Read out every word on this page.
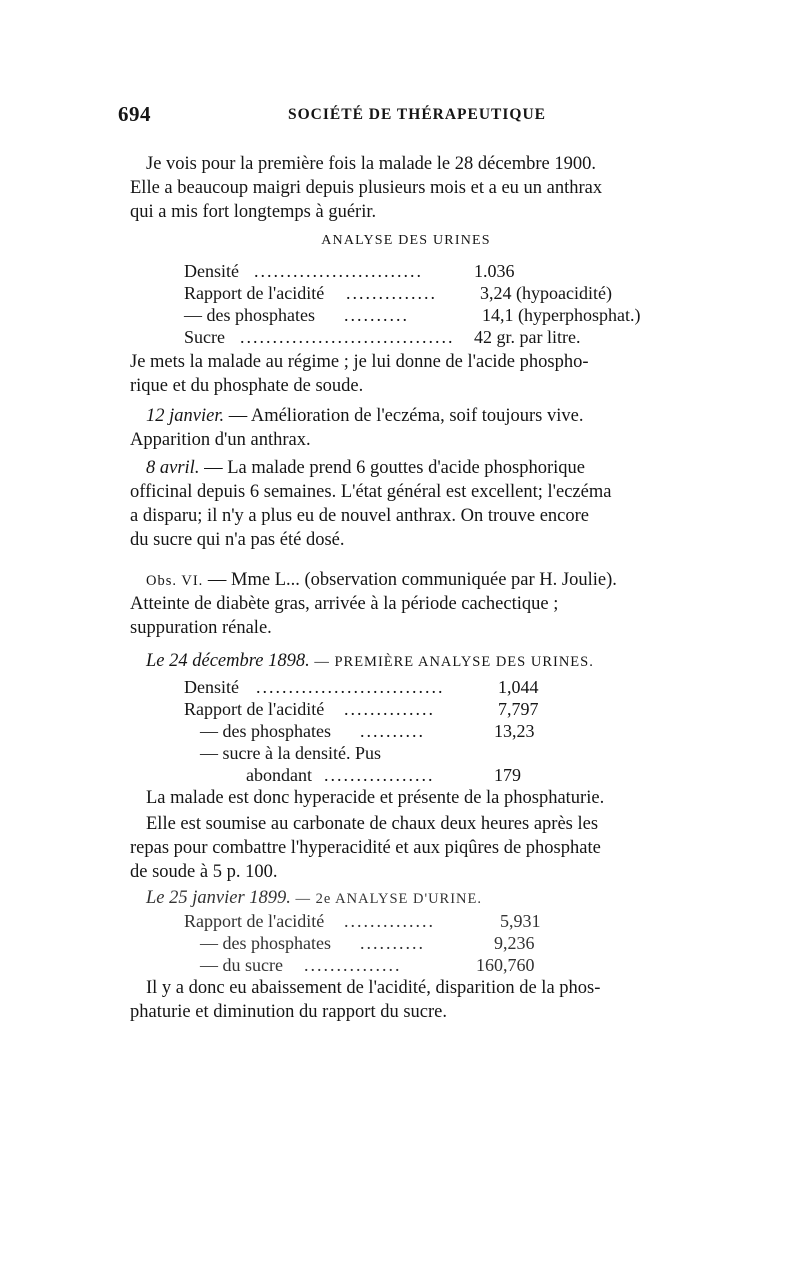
694	SOCIÉTÉ DE THÉRAPEUTIQUE
Je vois pour la première fois la malade le 28 décembre 1900.
Elle a beaucoup maigri depuis plusieurs mois et a eu un anthrax
qui a mis fort longtemps à guérir.
ANALYSE DES URINES
Densité ..........................	1.036
Rapport de l'acidité ..............	3,24 (hypoacidité)
— des phosphates ..........	14,1 (hyperphosphat.)
Sucre .................................	42 gr. par litre.
Je mets la malade au régime ; je lui donne de l'acide phospho-
rique et du phosphate de soude.
12 janvier. — Amélioration de l'eczéma, soif toujours vive.
Apparition d'un anthrax.
8 avril. — La malade prend 6 gouttes d'acide phosphorique
officinal depuis 6 semaines. L'état général est excellent; l'eczéma
a disparu; il n'y a plus eu de nouvel anthrax. On trouve encore
du sucre qui n'a pas été dosé.
Obs. VI. — Mme L... (observation communiquée par H. Joulie).
Atteinte de diabète gras, arrivée à la période cachectique ;
suppuration rénale.
Le 24 décembre 1898. — PREMIÈRE ANALYSE DES URINES.
Densité .............................	1,044
Rapport de l'acidité ..............	7,797
— des phosphates ..........	13,23
— sucre à la densité. Pus
abondant .................	179
La malade est donc hyperacide et présente de la phosphaturie.
Elle est soumise au carbonate de chaux deux heures après les
repas pour combattre l'hyperacidité et aux piqûres de phosphate
de soude à 5 p. 100.
Le 25 janvier 1899. — 2e ANALYSE D'URINE.
Rapport de l'acidité ..............	5,931
— des phosphates ..........	9,236
— du sucre ...............	160,760
Il y a donc eu abaissement de l'acidité, disparition de la phos-
phaturie et diminution du rapport du sucre.
